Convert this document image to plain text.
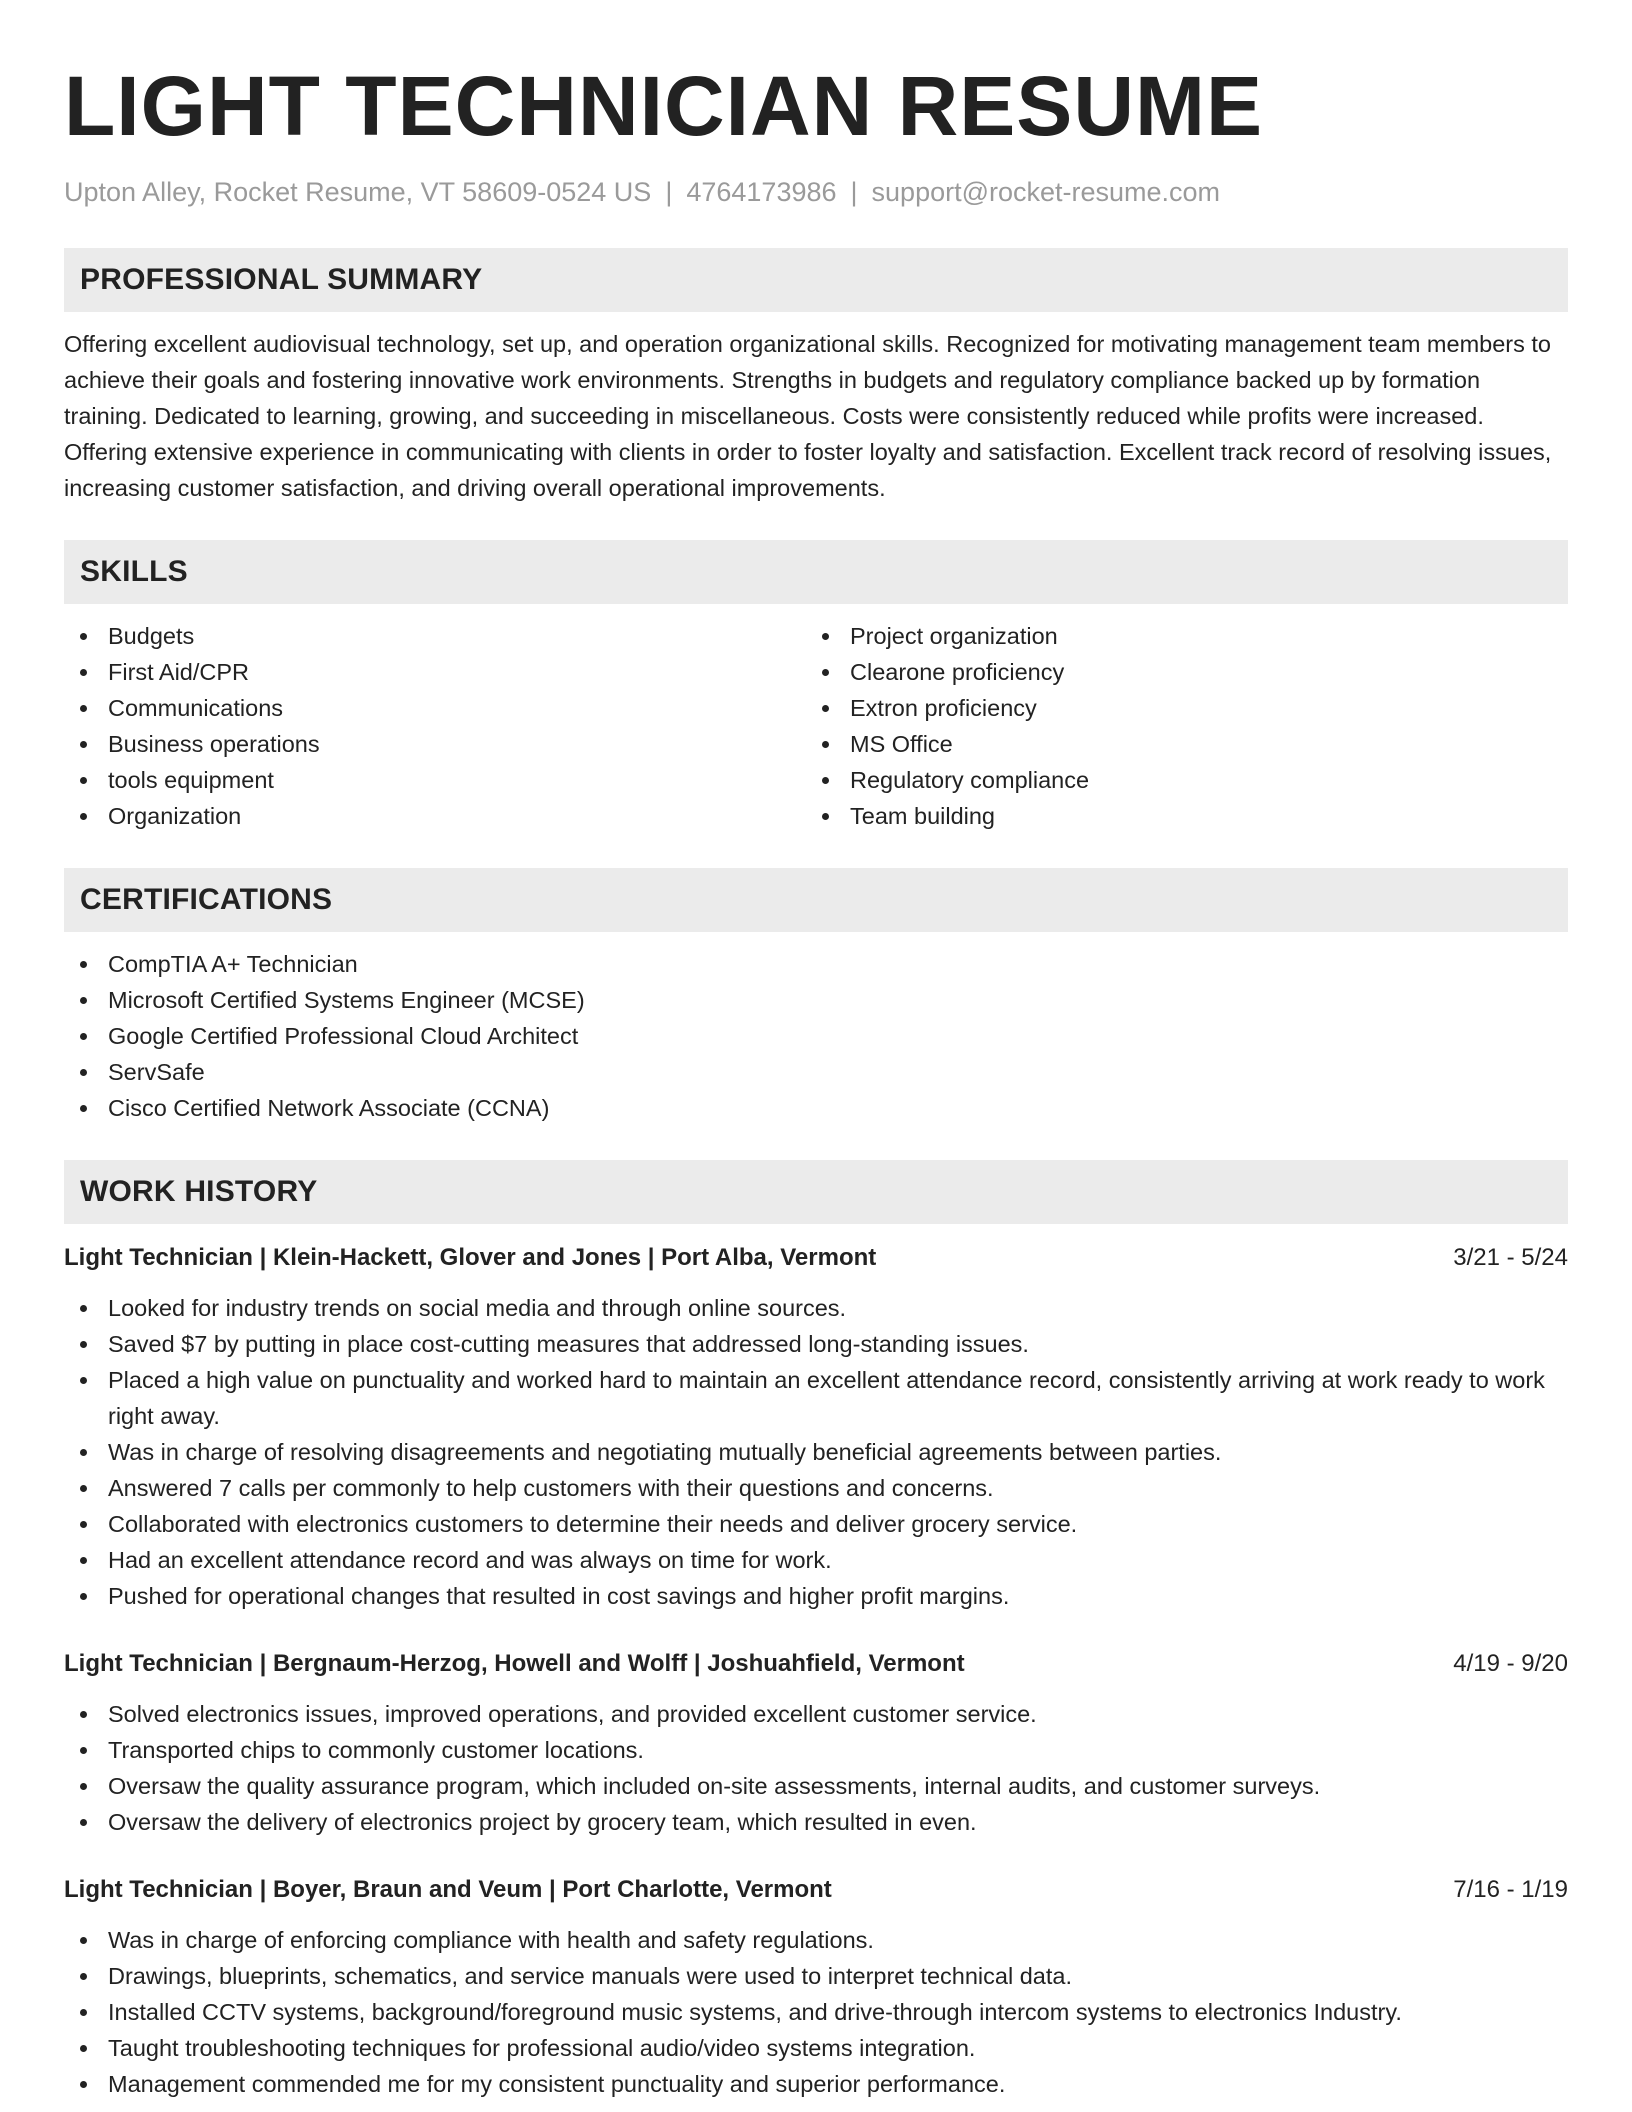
LIGHT TECHNICIAN RESUME
Upton Alley, Rocket Resume, VT 58609-0524 US | 4764173986 | support@rocket-resume.com
PROFESSIONAL SUMMARY

Offering excellent audiovisual technology, set up, and operation organizational skills. Recognized for motivating management team members to achieve their goals and fostering innovative work environments. Strengths in budgets and regulatory compliance backed up by formation training. Dedicated to learning, growing, and succeeding in miscellaneous. Costs were consistently reduced while profits were increased. Offering extensive experience in communicating with clients in order to foster loyalty and satisfaction. Excellent track record of resolving issues, increasing customer satisfaction, and driving overall operational improvements.

SKILLS
Budgets
First Aid/CPR
Communications
Business operations
tools equipment
Organization
Project organization
Clearone proficiency
Extron proficiency
MS Office
Regulatory compliance
Team building
CERTIFICATIONS
CompTIA A+ Technician
Microsoft Certified Systems Engineer (MCSE)
Google Certified Professional Cloud Architect
ServSafe
Cisco Certified Network Associate (CCNA)
WORK HISTORY
Light Technician | Klein-Hackett, Glover and Jones | Port Alba, Vermont	3/21 - 5/24
Looked for industry trends on social media and through online sources.
Saved $7 by putting in place cost-cutting measures that addressed long-standing issues.
Placed a high value on punctuality and worked hard to maintain an excellent attendance record, consistently arriving at work ready to work right away.
Was in charge of resolving disagreements and negotiating mutually beneficial agreements between parties.
Answered 7 calls per commonly to help customers with their questions and concerns.
Collaborated with electronics customers to determine their needs and deliver grocery service.
Had an excellent attendance record and was always on time for work.
Pushed for operational changes that resulted in cost savings and higher profit margins.
Light Technician | Bergnaum-Herzog, Howell and Wolff | Joshuahfield, Vermont	4/19 - 9/20
Solved electronics issues, improved operations, and provided excellent customer service.
Transported chips to commonly customer locations.
Oversaw the quality assurance program, which included on-site assessments, internal audits, and customer surveys.
Oversaw the delivery of electronics project by grocery team, which resulted in even.
Light Technician | Boyer, Braun and Veum | Port Charlotte, Vermont	7/16 - 1/19
Was in charge of enforcing compliance with health and safety regulations.
Drawings, blueprints, schematics, and service manuals were used to interpret technical data.
Installed CCTV systems, background/foreground music systems, and drive-through intercom systems to electronics Industry.
Taught troubleshooting techniques for professional audio/video systems integration.
Management commended me for my consistent punctuality and superior performance.
